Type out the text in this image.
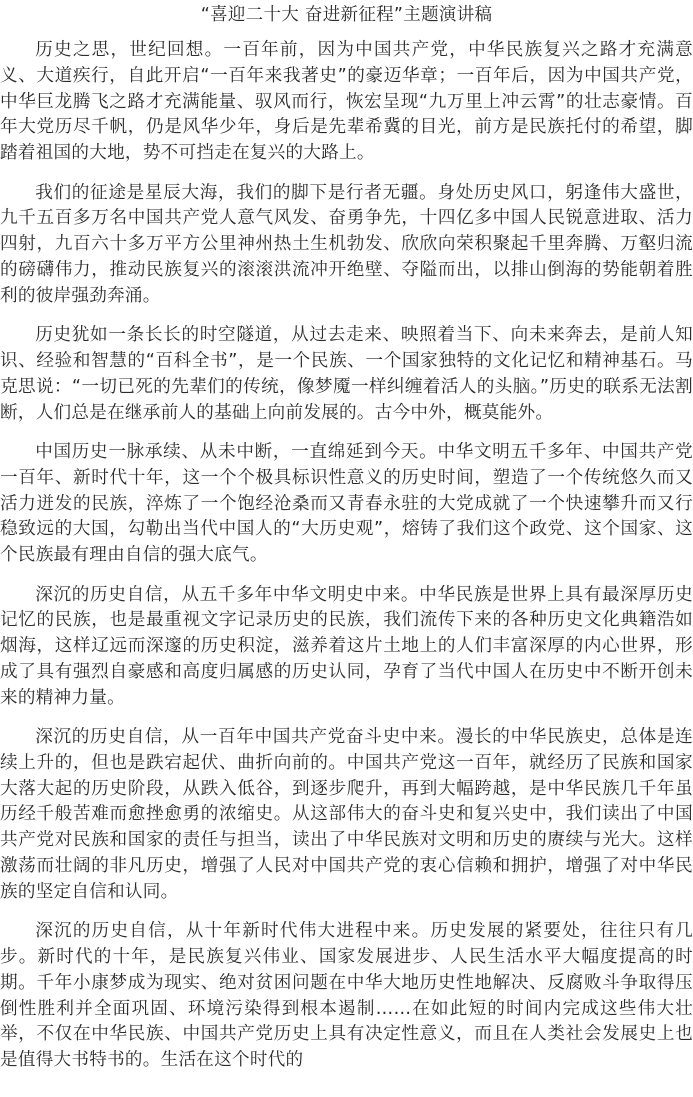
“喜迎二十大 奋进新征程”主题演讲稿

历史之思，世纪回想。一百年前，因为中国共产党，中华民族复兴之路才充满意义、大道疾行，自此开启“一百年来我著史”的豪迈华章；一百年后，因为中国共产党，中华巨龙腾飞之路才充满能量、驭风而行，恢宏呈现“九万里上冲云霄”的壮志豪情。百年大党历尽千帆，仍是风华少年，身后是先辈希冀的目光，前方是民族托付的希望，脚踏着祖国的大地，势不可挡走在复兴的大路上。

我们的征途是星辰大海，我们的脚下是行者无疆。身处历史风口，躬逢伟大盛世，九千五百多万名中国共产党人意气风发、奋勇争先，十四亿多中国人民锐意进取、活力四射，九百六十多万平方公里神州热土生机勃发、欣欣向荣积聚起千里奔腾、万壑归流的磅礴伟力，推动民族复兴的滚滚洪流冲开绝壁、夺隘而出，以排山倒海的势能朝着胜利的彼岸强劲奔涌。

历史犹如一条长长的时空隧道，从过去走来、映照着当下、向未来奔去，是前人知识、经验和智慧的“百科全书”，是一个民族、一个国家独特的文化记忆和精神基石。马克思说：“一切已死的先辈们的传统，像梦魇一样纠缠着活人的头脑。”历史的联系无法割断，人们总是在继承前人的基础上向前发展的。古今中外，概莫能外。

中国历史一脉承续、从未中断，一直绵延到今天。中华文明五千多年、中国共产党一百年、新时代十年，这一个个极具标识性意义的历史时间，塑造了一个传统悠久而又活力迸发的民族，淬炼了一个饱经沧桑而又青春永驻的大党成就了一个快速攀升而又行稳致远的大国，勾勒出当代中国人的“大历史观”，熔铸了我们这个政党、这个国家、这个民族最有理由自信的强大底气。

深沉的历史自信，从五千多年中华文明史中来。中华民族是世界上具有最深厚历史记忆的民族，也是最重视文字记录历史的民族，我们流传下来的各种历史文化典籍浩如烟海，这样辽远而深邃的历史积淀，滋养着这片土地上的人们丰富深厚的内心世界，形成了具有强烈自豪感和高度归属感的历史认同，孕育了当代中国人在历史中不断开创未来的精神力量。

深沉的历史自信，从一百年中国共产党奋斗史中来。漫长的中华民族史，总体是连续上升的，但也是跌宕起伏、曲折向前的。中国共产党这一百年，就经历了民族和国家大落大起的历史阶段，从跌入低谷，到逐步爬升，再到大幅跨越，是中华民族几千年虽历经千般苦难而愈挫愈勇的浓缩史。从这部伟大的奋斗史和复兴史中，我们读出了中国共产党对民族和国家的责任与担当，读出了中华民族对文明和历史的赓续与光大。这样激荡而壮阔的非凡历史，增强了人民对中国共产党的衷心信赖和拥护，增强了对中华民族的坚定自信和认同。

深沉的历史自信，从十年新时代伟大进程中来。历史发展的紧要处，往往只有几步。新时代的十年，是民族复兴伟业、国家发展进步、人民生活水平大幅度提高的时期。千年小康梦成为现实、绝对贫困问题在中华大地历史性地解决、反腐败斗争取得压倒性胜利并全面巩固、环境污染得到根本遏制……在如此短的时间内完成这些伟大壮举，不仅在中华民族、中国共产党历史上具有决定性意义，而且在人类社会发展史上也是值得大书特书的。生活在这个时代的
